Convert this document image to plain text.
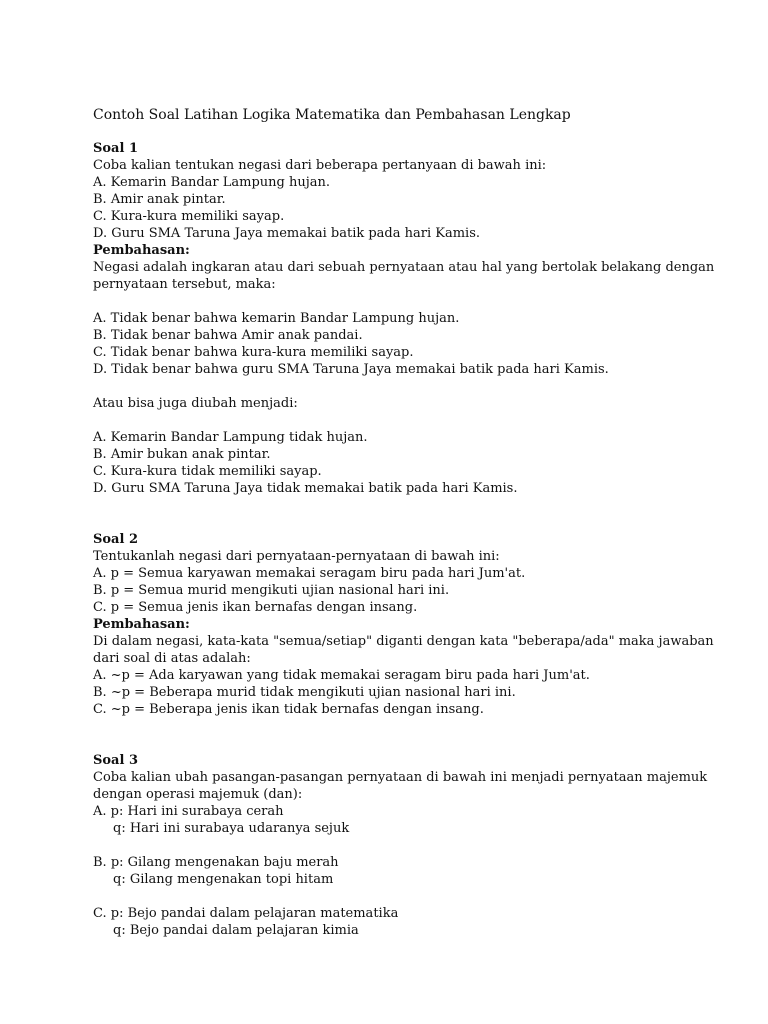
Contoh Soal Latihan Logika Matematika dan Pembahasan Lengkap
Soal 1
Coba kalian tentukan negasi dari beberapa pertanyaan di bawah ini:
A. Kemarin Bandar Lampung hujan.
B. Amir anak pintar.
C. Kura-kura memiliki sayap.
D. Guru SMA Taruna Jaya memakai batik pada hari Kamis.
Pembahasan:
Negasi adalah ingkaran atau dari sebuah pernyataan atau hal yang bertolak belakang dengan
pernyataan tersebut, maka:
A. Tidak benar bahwa kemarin Bandar Lampung hujan.
B. Tidak benar bahwa Amir anak pandai.
C. Tidak benar bahwa kura-kura memiliki sayap.
D. Tidak benar bahwa guru SMA Taruna Jaya memakai batik pada hari Kamis.
Atau bisa juga diubah menjadi:
A. Kemarin Bandar Lampung tidak hujan.
B. Amir bukan anak pintar.
C. Kura-kura tidak memiliki sayap.
D. Guru SMA Taruna Jaya tidak memakai batik pada hari Kamis.
Soal 2
Tentukanlah negasi dari pernyataan-pernyataan di bawah ini:
A. p = Semua karyawan memakai seragam biru pada hari Jum'at.
B. p = Semua murid mengikuti ujian nasional hari ini.
C. p = Semua jenis ikan bernafas dengan insang.
Pembahasan:
Di dalam negasi, kata-kata "semua/setiap" diganti dengan kata "beberapa/ada" maka jawaban
dari soal di atas adalah:
A. ~p = Ada karyawan yang tidak memakai seragam biru pada hari Jum'at.
B. ~p = Beberapa murid tidak mengikuti ujian nasional hari ini.
C. ~p = Beberapa jenis ikan tidak bernafas dengan insang.
Soal 3
Coba kalian ubah pasangan-pasangan pernyataan di bawah ini menjadi pernyataan majemuk
dengan operasi majemuk (dan):
A. p: Hari ini surabaya cerah
q: Hari ini surabaya udaranya sejuk
B. p: Gilang mengenakan baju merah
q: Gilang mengenakan topi hitam
C. p: Bejo pandai dalam pelajaran matematika
q: Bejo pandai dalam pelajaran kimia
